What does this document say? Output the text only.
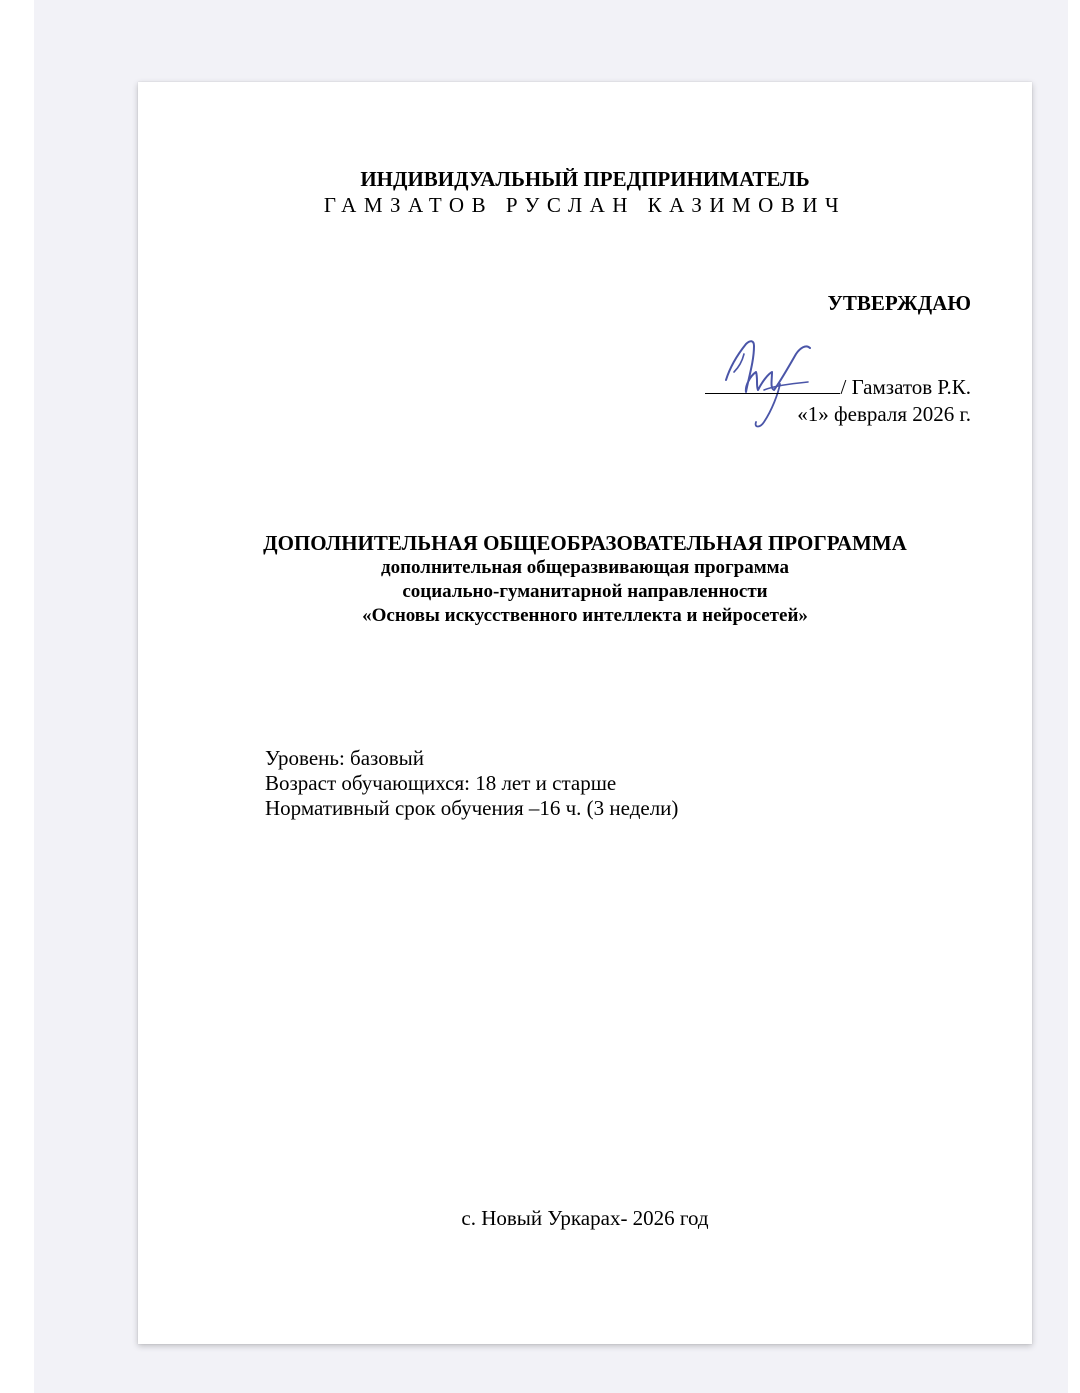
ИНДИВИДУАЛЬНЫЙ ПРЕДПРИНИМАТЕЛЬ
ГАМЗАТОВ РУСЛАН КАЗИМОВИЧ
УТВЕРЖДАЮ
/ Гамзатов Р.К.
«1» февраля 2026 г.
ДОПОЛНИТЕЛЬНАЯ ОБЩЕОБРАЗОВАТЕЛЬНАЯ ПРОГРАММА
дополнительная общеразвивающая программа
социально-гуманитарной направленности
«Основы искусственного интеллекта и нейросетей»
Уровень: базовый
Возраст обучающихся: 18 лет и старше
Нормативный срок обучения –16 ч. (3 недели)
с. Новый Уркарах- 2026 год
